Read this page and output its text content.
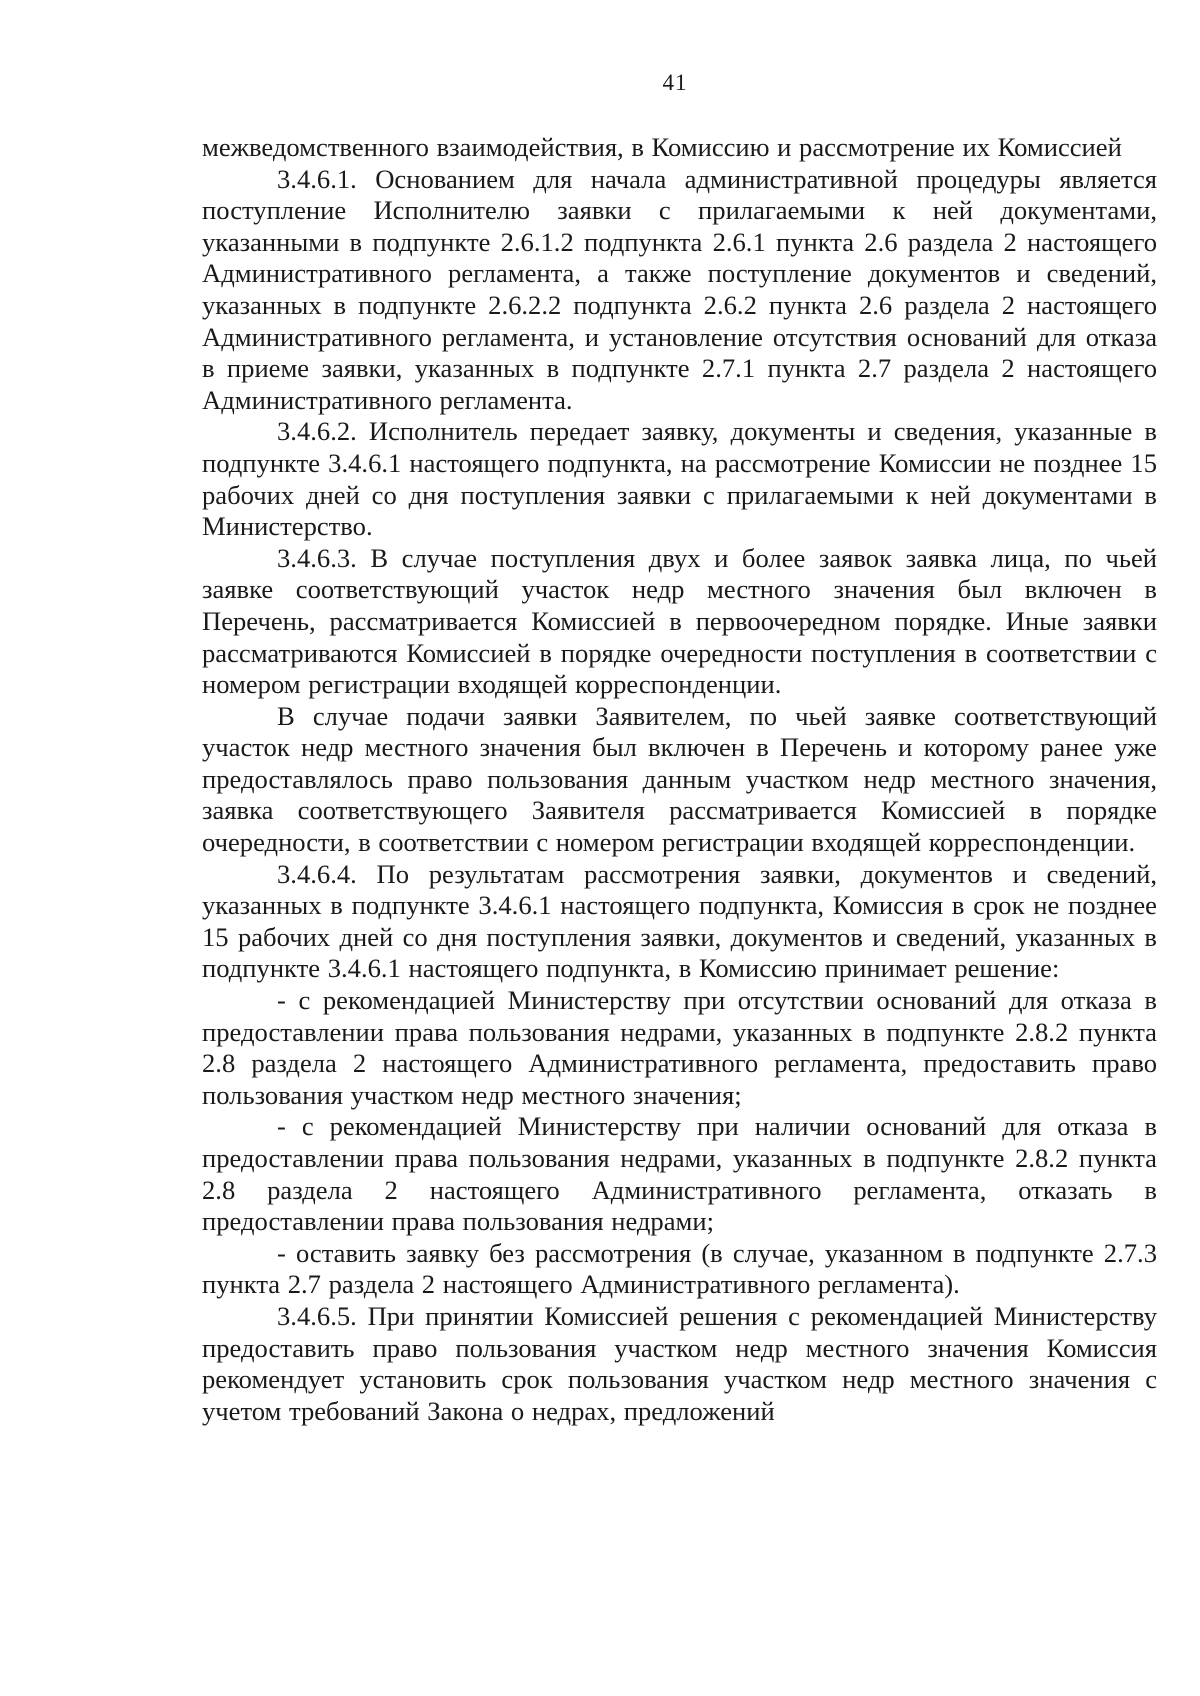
41

межведомственного взаимодействия, в Комиссию и рассмотрение их Комиссией

3.4.6.1. Основанием для начала административной процедуры является поступление Исполнителю заявки с прилагаемыми к ней документами, указанными в подпункте 2.6.1.2 подпункта 2.6.1 пункта 2.6 раздела 2 настоящего Административного регламента, а также поступление документов и сведений, указанных в подпункте 2.6.2.2 подпункта 2.6.2 пункта 2.6 раздела 2 настоящего Административного регламента, и установление отсутствия оснований для отказа в приеме заявки, указанных в подпункте 2.7.1 пункта 2.7 раздела 2 настоящего Административного регламента.

3.4.6.2. Исполнитель передает заявку, документы и сведения, указанные в подпункте 3.4.6.1 настоящего подпункта, на рассмотрение Комиссии не позднее 15 рабочих дней со дня поступления заявки с прилагаемыми к ней документами в Министерство.

3.4.6.3. В случае поступления двух и более заявок заявка лица, по чьей заявке соответствующий участок недр местного значения был включен в Перечень, рассматривается Комиссией в первоочередном порядке. Иные заявки рассматриваются Комиссией в порядке очередности поступления в соответствии с номером регистрации входящей корреспонденции.

В случае подачи заявки Заявителем, по чьей заявке соответствующий участок недр местного значения был включен в Перечень и которому ранее уже предоставлялось право пользования данным участком недр местного значения, заявка соответствующего Заявителя рассматривается Комиссией в порядке очередности, в соответствии с номером регистрации входящей корреспонденции.

3.4.6.4. По результатам рассмотрения заявки, документов и сведений, указанных в подпункте 3.4.6.1 настоящего подпункта, Комиссия в срок не позднее 15 рабочих дней со дня поступления заявки, документов и сведений, указанных в подпункте 3.4.6.1 настоящего подпункта, в Комиссию принимает решение:

- с рекомендацией Министерству при отсутствии оснований для отказа в предоставлении права пользования недрами, указанных в подпункте 2.8.2 пункта 2.8 раздела 2 настоящего Административного регламента, предоставить право пользования участком недр местного значения;

- с рекомендацией Министерству при наличии оснований для отказа в предоставлении права пользования недрами, указанных в подпункте 2.8.2 пункта 2.8 раздела 2 настоящего Административного регламента, отказать в предоставлении права пользования недрами;

- оставить заявку без рассмотрения (в случае, указанном в подпункте 2.7.3 пункта 2.7 раздела 2 настоящего Административного регламента).

3.4.6.5. При принятии Комиссией решения с рекомендацией Министерству предоставить право пользования участком недр местного значения Комиссия рекомендует установить срок пользования участком недр местного значения с учетом требований Закона о недрах, предложений
